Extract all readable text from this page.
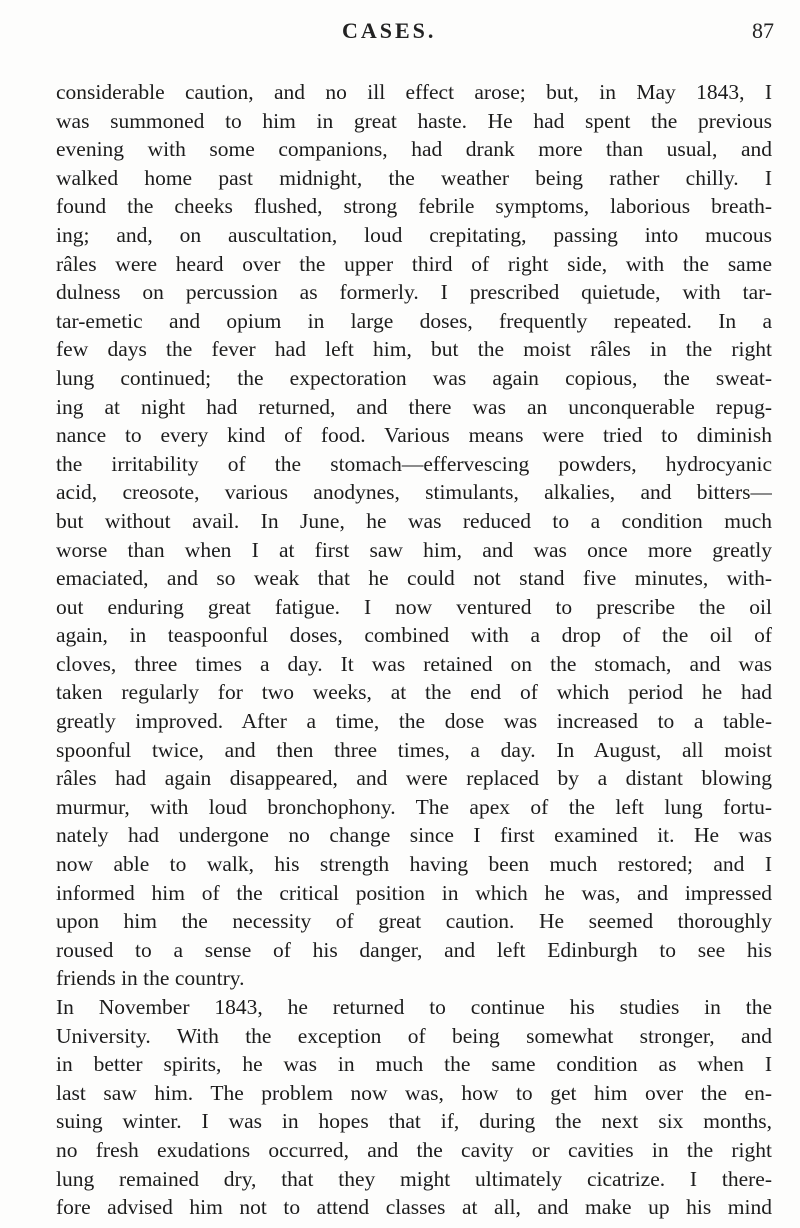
CASES.	87
considerable caution, and no ill effect arose; but, in May 1843, I
was summoned to him in great haste. He had spent the previous
evening with some companions, had drank more than usual, and
walked home past midnight, the weather being rather chilly. I
found the cheeks flushed, strong febrile symptoms, laborious breath-
ing; and, on auscultation, loud crepitating, passing into mucous
râles were heard over the upper third of right side, with the same
dulness on percussion as formerly. I prescribed quietude, with tar-
tar-emetic and opium in large doses, frequently repeated. In a
few days the fever had left him, but the moist râles in the right
lung continued; the expectoration was again copious, the sweat-
ing at night had returned, and there was an unconquerable repug-
nance to every kind of food. Various means were tried to diminish
the irritability of the stomach—effervescing powders, hydrocyanic
acid, creosote, various anodynes, stimulants, alkalies, and bitters—
but without avail. In June, he was reduced to a condition much
worse than when I at first saw him, and was once more greatly
emaciated, and so weak that he could not stand five minutes, with-
out enduring great fatigue. I now ventured to prescribe the oil
again, in teaspoonful doses, combined with a drop of the oil of
cloves, three times a day. It was retained on the stomach, and was
taken regularly for two weeks, at the end of which period he had
greatly improved. After a time, the dose was increased to a table-
spoonful twice, and then three times, a day. In August, all moist
râles had again disappeared, and were replaced by a distant blowing
murmur, with loud bronchophony. The apex of the left lung fortu-
nately had undergone no change since I first examined it. He was
now able to walk, his strength having been much restored; and I
informed him of the critical position in which he was, and impressed
upon him the necessity of great caution. He seemed thoroughly
roused to a sense of his danger, and left Edinburgh to see his
friends in the country.
In November 1843, he returned to continue his studies in the
University. With the exception of being somewhat stronger, and
in better spirits, he was in much the same condition as when I
last saw him. The problem now was, how to get him over the en-
suing winter. I was in hopes that if, during the next six months,
no fresh exudations occurred, and the cavity or cavities in the right
lung remained dry, that they might ultimately cicatrize. I there-
fore advised him not to attend classes at all, and make up his mind
